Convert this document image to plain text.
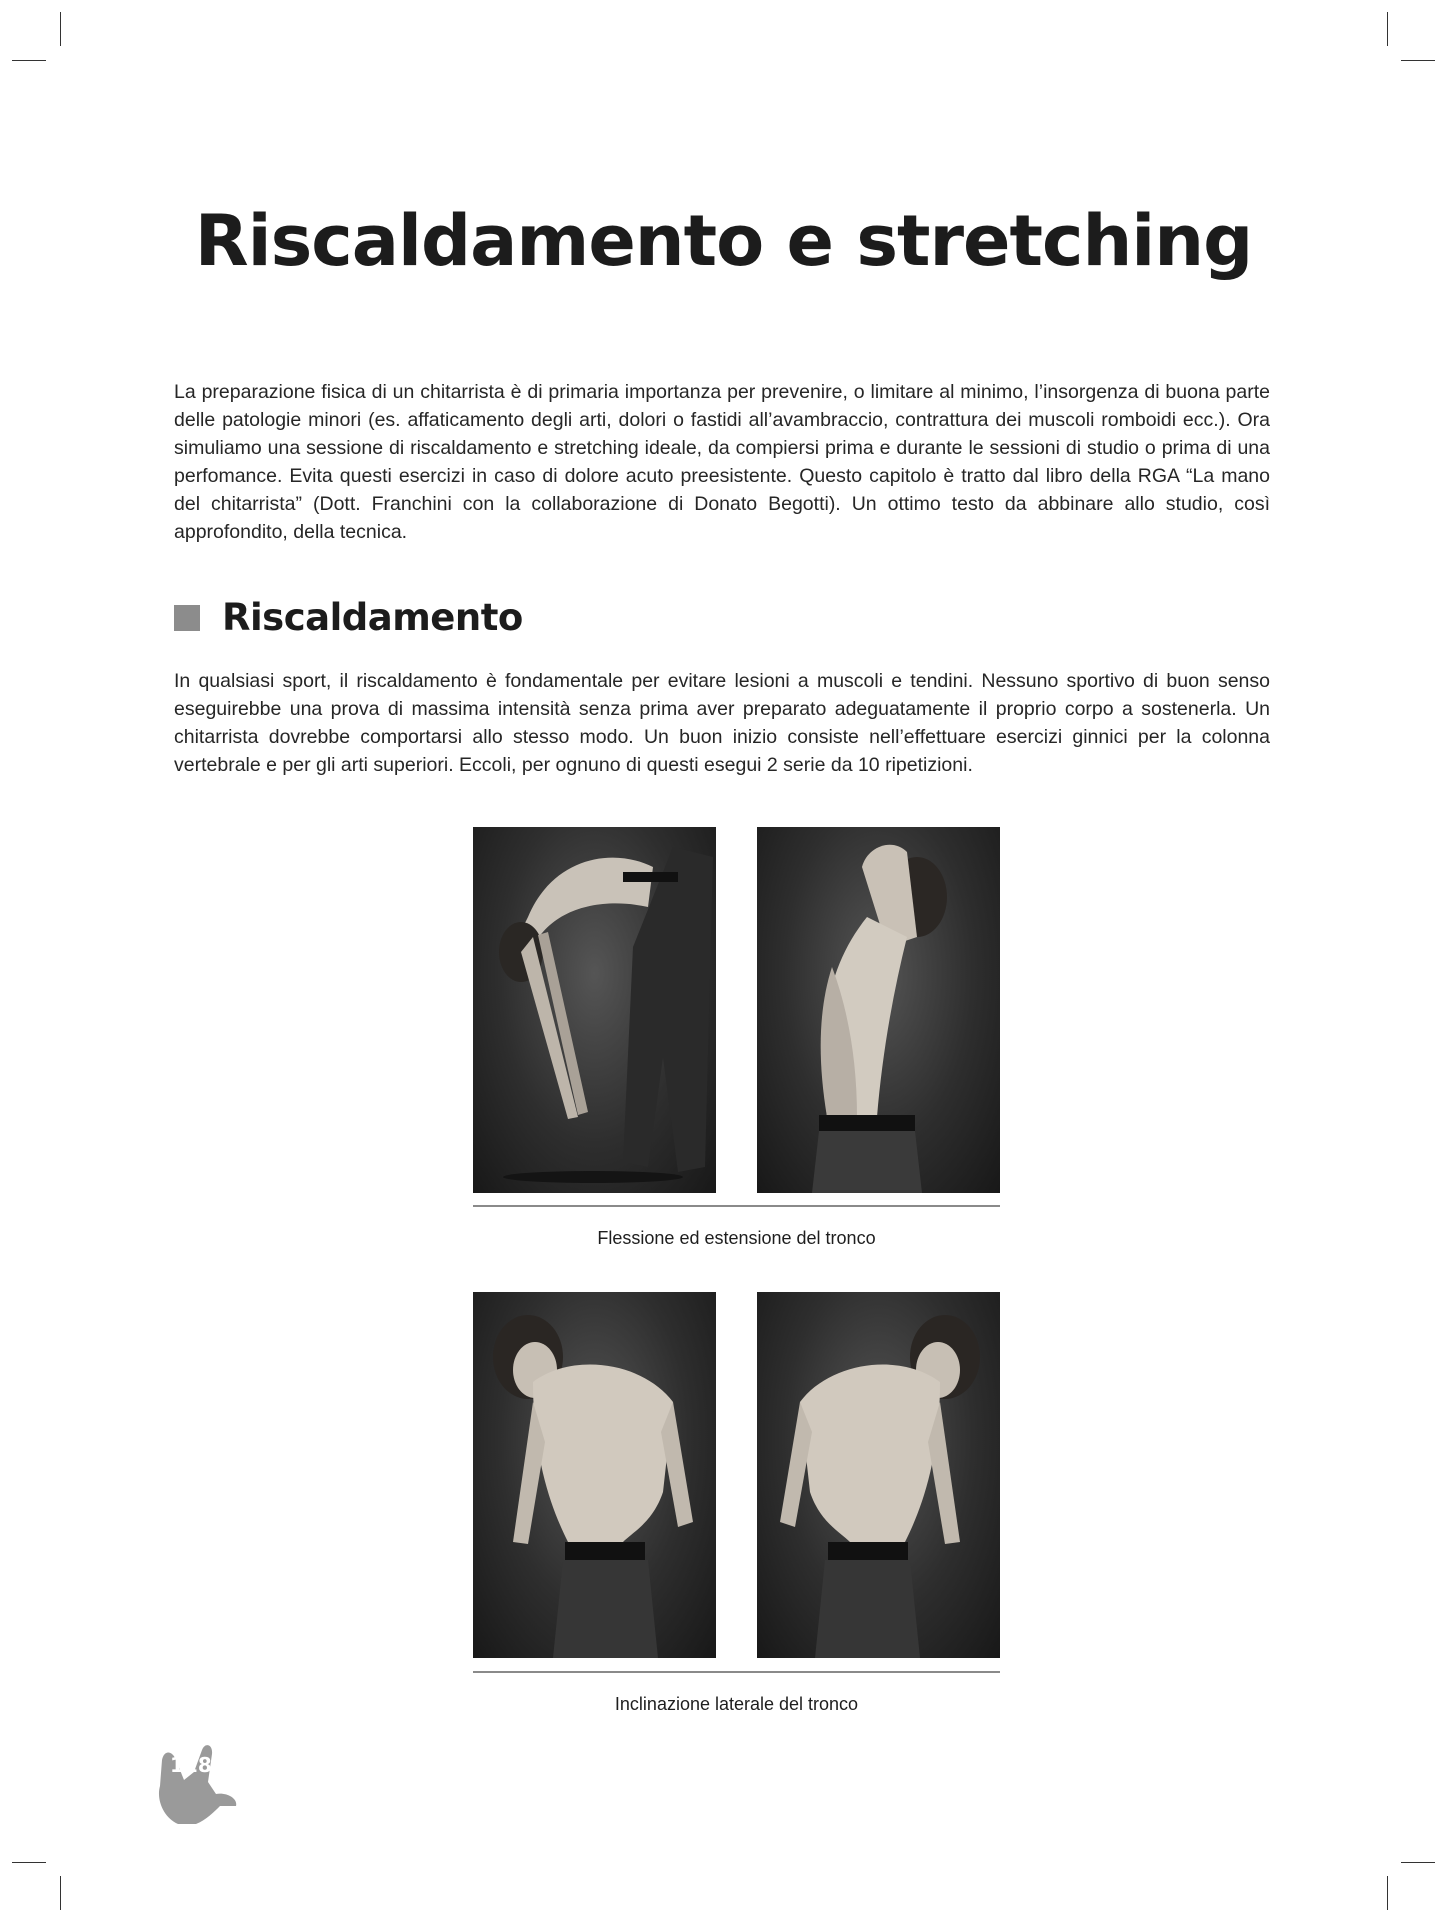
Riscaldamento e stretching

La preparazione fisica di un chitarrista è di primaria importanza per prevenire, o limitare al minimo, l’insorgenza di buona parte delle patologie minori (es. affaticamento degli arti, dolori o fastidi all’avambraccio, contrattura dei muscoli romboidi ecc.). Ora simuliamo una sessione di riscaldamento e stretching ideale, da compiersi prima e durante le sessioni di studio o prima di una perfomance. Evita questi esercizi in caso di dolore acuto preesistente. Questo capitolo è tratto dal libro della RGA “La mano del chitarrista” (Dott. Franchini con la collaborazione di Donato Begotti). Un ottimo testo da abbinare allo studio, così approfondito, della tecnica.

Riscaldamento

In qualsiasi sport, il riscaldamento è fondamentale per evitare lesioni a muscoli e tendini. Nessuno sportivo di buon senso eseguirebbe una prova di massima intensità senza prima aver preparato adeguatamente il proprio corpo a sostenerla. Un chitarrista dovrebbe comportarsi allo stesso modo. Un buon inizio consiste nell’effettuare esercizi ginnici per la colonna vertebrale e per gli arti superiori. Eccoli, per ognuno di questi esegui 2 serie da 10 ripetizioni.

Flessione ed estensione del tronco
Inclinazione laterale del tronco
118
